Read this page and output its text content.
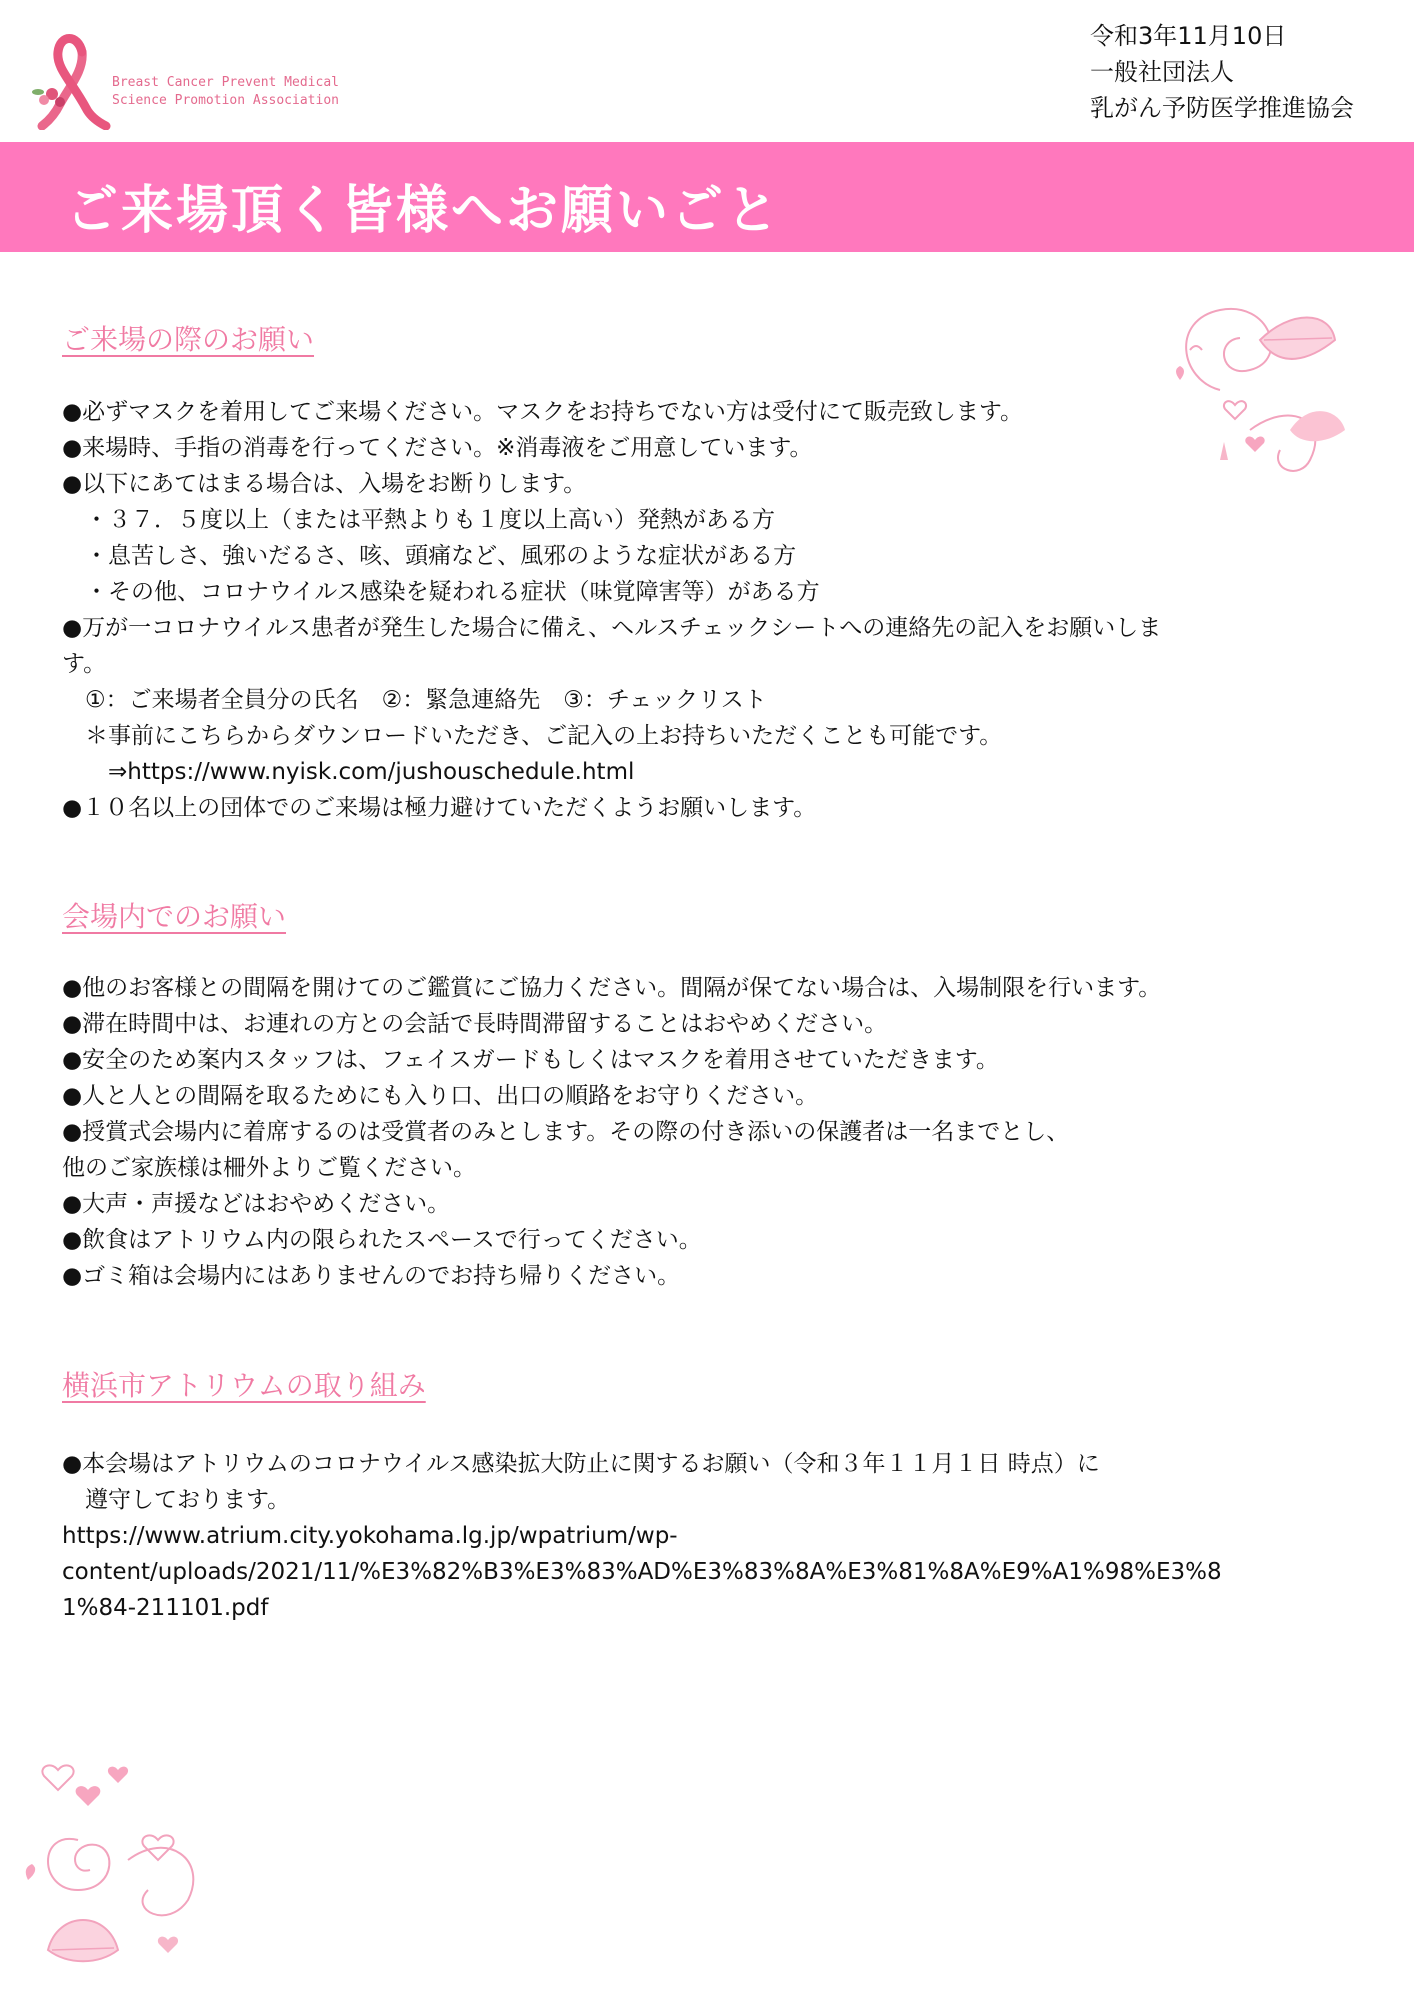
Breast Cancer Prevent Medical
Science Promotion Association
令和3年11月10日
一般社団法人
乳がん予防医学推進協会
ご来場頂く皆様へお願いごと
ご来場の際のお願い
●必ずマスクを着用してご来場ください。マスクをお持ちでない方は受付にて販売致します。
●来場時、手指の消毒を行ってください。※消毒液をご用意しています。
●以下にあてはまる場合は、入場をお断りします。
　・３７．５度以上（または平熱よりも１度以上高い）発熱がある方
　・息苦しさ、強いだるさ、咳、頭痛など、風邪のような症状がある方
　・その他、コロナウイルス感染を疑われる症状（味覚障害等）がある方
●万が一コロナウイルス患者が発生した場合に備え、ヘルスチェックシートへの連絡先の記入をお願いしま
す。
　①：ご来場者全員分の氏名　②：緊急連絡先　③：チェックリスト
　＊事前にこちらからダウンロードいただき、ご記入の上お持ちいただくことも可能です。
　　⇒https://www.nyisk.com/jushouschedule.html
●１０名以上の団体でのご来場は極力避けていただくようお願いします。
会場内でのお願い
●他のお客様との間隔を開けてのご鑑賞にご協力ください。間隔が保てない場合は、入場制限を行います。
●滞在時間中は、お連れの方との会話で長時間滞留することはおやめください。
●安全のため案内スタッフは、フェイスガードもしくはマスクを着用させていただきます。
●人と人との間隔を取るためにも入り口、出口の順路をお守りください。
●授賞式会場内に着席するのは受賞者のみとします。その際の付き添いの保護者は一名までとし、
他のご家族様は柵外よりご覧ください。
●大声・声援などはおやめください。
●飲食はアトリウム内の限られたスペースで行ってください。
●ゴミ箱は会場内にはありませんのでお持ち帰りください。
横浜市アトリウムの取り組み
●本会場はアトリウムのコロナウイルス感染拡大防止に関するお願い（令和３年１１月１日 時点）に
　遵守しております。
https://www.atrium.city.yokohama.lg.jp/wpatrium/wp-
content/uploads/2021/11/%E3%82%B3%E3%83%AD%E3%83%8A%E3%81%8A%E9%A1%98%E3%8
1%84-211101.pdf
